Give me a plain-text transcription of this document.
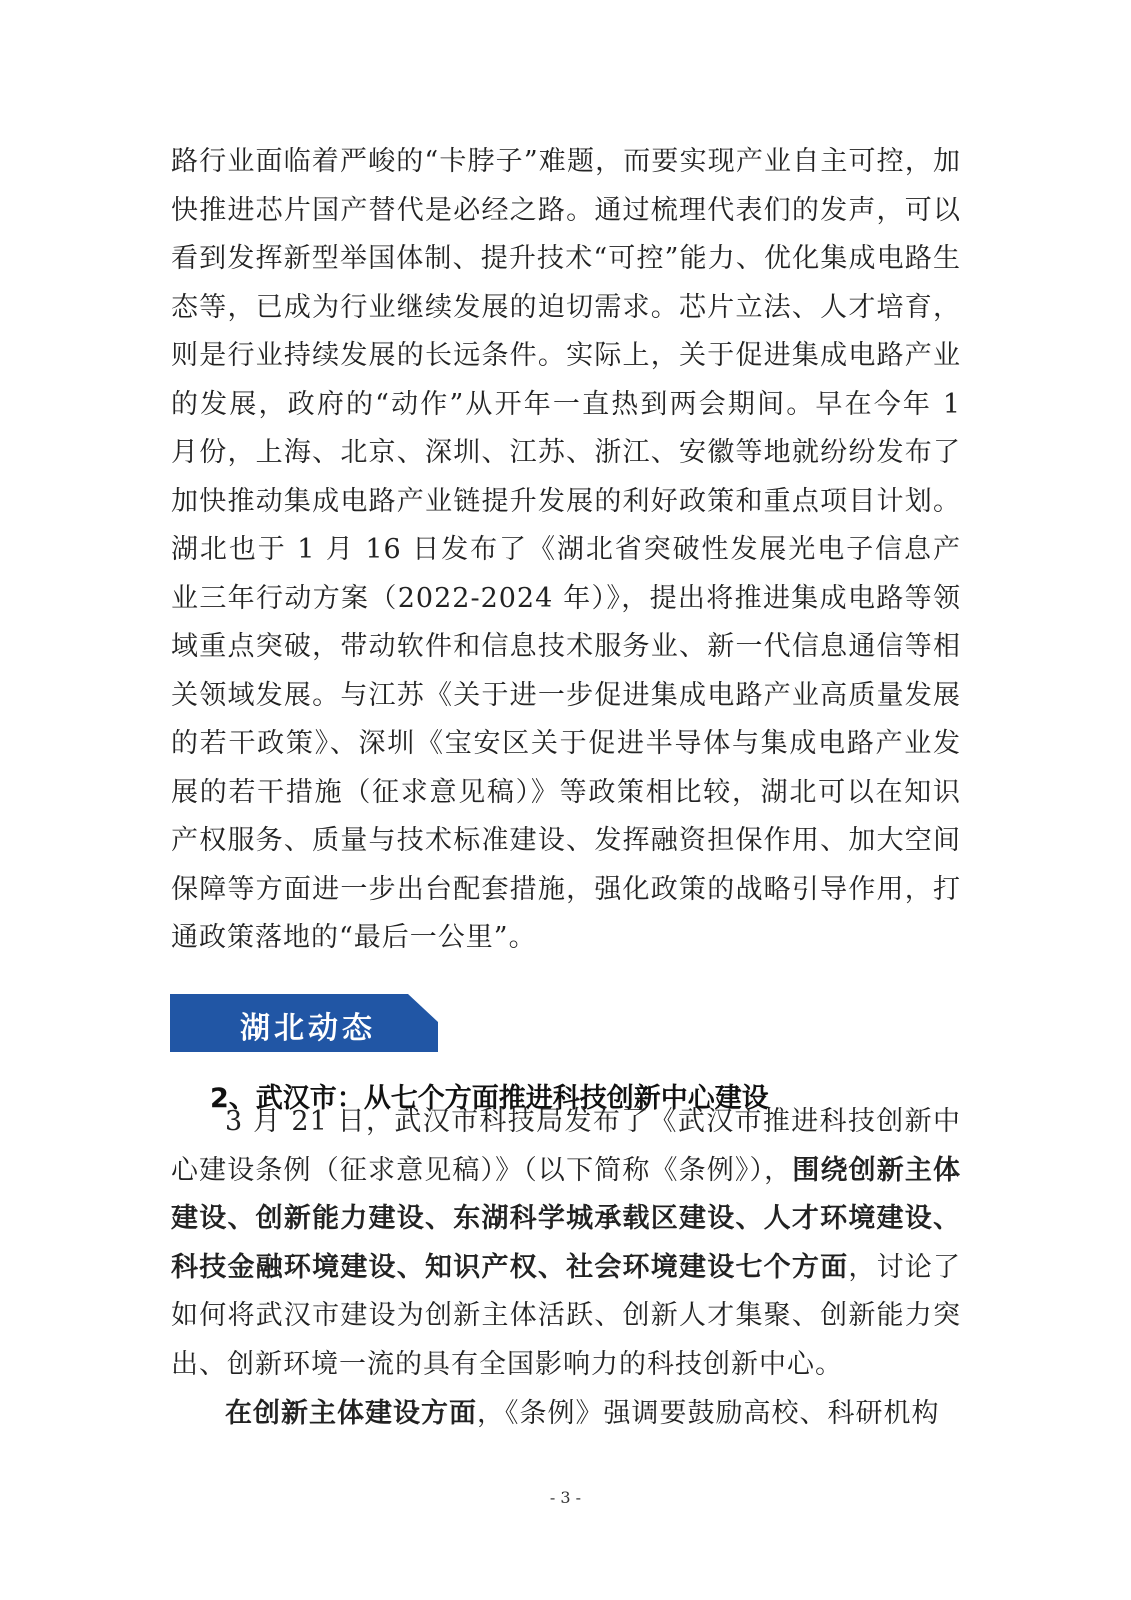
路行业面临着严峻的“卡脖子”难题，而要实现产业自主可控，加快推进芯片国产替代是必经之路。通过梳理代表们的发声，可以看到发挥新型举国体制、提升技术“可控”能力、优化集成电路生态等，已成为行业继续发展的迫切需求。芯片立法、人才培育，则是行业持续发展的长远条件。实际上，关于促进集成电路产业的发展，政府的“动作”从开年一直热到两会期间。早在今年 1 月份，上海、北京、深圳、江苏、浙江、安徽等地就纷纷发布了加快推动集成电路产业链提升发展的利好政策和重点项目计划。湖北也于 1 月 16 日发布了《湖北省突破性发展光电子信息产业三年行动方案（2022-2024 年）》，提出将推进集成电路等领域重点突破，带动软件和信息技术服务业、新一代信息通信等相关领域发展。与江苏《关于进一步促进集成电路产业高质量发展的若干政策》、深圳《宝安区关于促进半导体与集成电路产业发展的若干措施（征求意见稿）》等政策相比较，湖北可以在知识产权服务、质量与技术标准建设、发挥融资担保作用、加大空间保障等方面进一步出台配套措施，强化政策的战略引导作用，打通政策落地的“最后一公里”。

湖北动态
2、武汉市：从七个方面推进科技创新中心建设

3 月 21 日，武汉市科技局发布了《武汉市推进科技创新中心建设条例（征求意见稿）》（以下简称《条例》），围绕创新主体建设、创新能力建设、东湖科学城承载区建设、人才环境建设、科技金融环境建设、知识产权、社会环境建设七个方面，讨论了如何将武汉市建设为创新主体活跃、创新人才集聚、创新能力突出、创新环境一流的具有全国影响力的科技创新中心。

在创新主体建设方面，《条例》强调要鼓励高校、科研机构

- 3 -
